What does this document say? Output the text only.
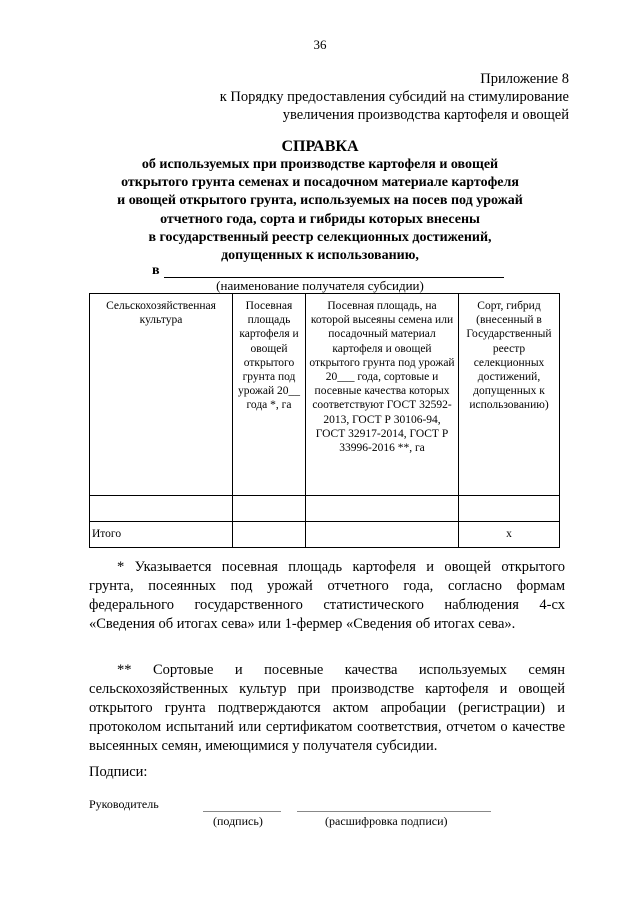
36
Приложение 8
к Порядку предоставления субсидий на стимулирование
увеличения производства картофеля и овощей
СПРАВКА
об используемых при производстве картофеля и овощей
открытого грунта семенах и посадочном материале картофеля
и овощей открытого грунта, используемых на посев под урожай
отчетного года, сорта и гибриды которых внесены
в государственный реестр селекционных достижений,
допущенных к использованию,
в
(наименование получателя субсидии)
Сельскохозяйственная культура	Посевная площадь картофеля и овощей открытого грунта под урожай 20__ года *, га	Посевная площадь, на которой высеяны семена или посадочный материал картофеля и овощей открытого грунта под урожай 20___ года, сортовые и посевные качества которых соответствуют ГОСТ 32592-2013, ГОСТ Р 30106-94, ГОСТ 32917-2014, ГОСТ Р 33996-2016 **, га	Сорт, гибрид (внесенный в Государственный реестр селекционных достижений, допущенных к использованию)

Итого			x
* Указывается посевная площадь картофеля и овощей открытого грунта, посеянных под урожай отчетного года, согласно формам федерального государственного статистического наблюдения 4-сх «Сведения об итогах сева» или 1-фермер «Сведения об итогах сева».
** Сортовые и посевные качества используемых семян сельскохозяйственных культур при производстве картофеля и овощей открытого грунта подтверждаются актом апробации (регистрации) и протоколом испытаний или сертификатом соответствия, отчетом о качестве высеянных семян, имеющимися у получателя субсидии.
Подписи:
Руководитель
(подпись)	(расшифровка подписи)
